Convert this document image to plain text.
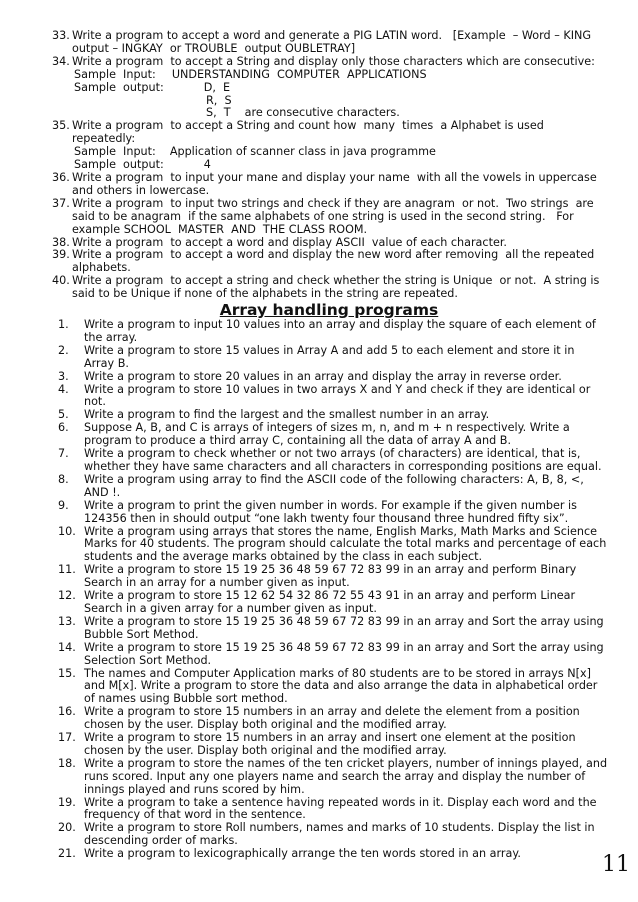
33. Write a program to accept a word and generate a PIG LATIN word.   [Example  – Word – KING output – INGKAY  or TROUBLE  output OUBLETRAY]

34. Write a program  to accept a String and display only those characters which are consecutive:

Sample  Input: UNDERSTANDING  COMPUTER  APPLICATIONS
Sample  output:	D,  E
R,  S
S,  T are consecutive characters.

35. Write a program  to accept a String and count how  many  times  a Alphabet is used repeatedly:

Sample  Input: Application of scanner class in java programme
Sample  output:	4

36. Write a program  to input your mane and display your name  with all the vowels in uppercase and others in lowercase.

37. Write a program  to input two strings and check if they are anagram  or not.  Two strings  are  said to be anagram  if the same alphabets of one string is used in the second string.   For example SCHOOL  MASTER  AND  THE CLASS ROOM.

38. Write a program  to accept a word and display ASCII  value of each character.

39. Write a program  to accept a word and display the new word after removing  all the repeated alphabets.

40. Write a program  to accept a string and check whether the string is Unique  or not.  A string is said to be Unique if none of the alphabets in the string are repeated.

Array handling programs

1.	Write a program to input 10 values into an array and display the square of each element of the array.

2.	Write a program to store 15 values in Array A and add 5 to each element and store it in Array B.

3.	Write a program to store 20 values in an array and display the array in reverse order.

4.	Write a program to store 10 values in two arrays X and Y and check if they are identical or not.

5.	Write a program to find the largest and the smallest number in an array.

6.	Suppose A, B, and C is arrays of integers of sizes m, n, and m + n respectively. Write a program to produce a third array C, containing all the data of array A and B.

7.	Write a program to check whether or not two arrays (of characters) are identical, that is, whether they have same characters and all characters in corresponding positions are equal.

8.	Write a program using array to find the ASCII code of the following characters: A, B, 8, <, AND !.

9.	Write a program to print the given number in words. For example if the given number is 124356 then in should output “one lakh twenty four thousand three hundred fifty six”.

10. Write a program using arrays that stores the name, English Marks, Math Marks and Science Marks for 40 students. The program should calculate the total marks and percentage of each students and the average marks obtained by the class in each subject.

11. Write a program to store 15 19 25 36 48 59 67 72 83 99 in an array and perform Binary Search in an array for a number given as input.

12. Write a program to store 15 12 62 54 32 86 72 55 43 91 in an array and perform Linear Search in a given array for a number given as input.

13. Write a program to store 15 19 25 36 48 59 67 72 83 99 in an array and Sort the array using Bubble Sort Method.

14. Write a program to store 15 19 25 36 48 59 67 72 83 99 in an array and Sort the array using Selection Sort Method.

15. The names and Computer Application marks of 80 students are to be stored in arrays N[x] and M[x]. Write a program to store the data and also arrange the data in alphabetical order of names using Bubble sort method.

16. Write a program to store 15 numbers in an array and delete the element from a position chosen by the user. Display both original and the modified array.

17. Write a program to store 15 numbers in an array and insert one element at the position chosen by the user. Display both original and the modified array.

18. Write a program to store the names of the ten cricket players, number of innings played, and runs scored. Input any one players name and search the array and display the number of innings played and runs scored by him.

19. Write a program to take a sentence having repeated words in it. Display each word and the frequency of that word in the sentence.

20. Write a program to store Roll numbers, names and marks of 10 students. Display the list in descending order of marks.

21. Write a program to lexicographically arrange the ten words stored in an array.	11
